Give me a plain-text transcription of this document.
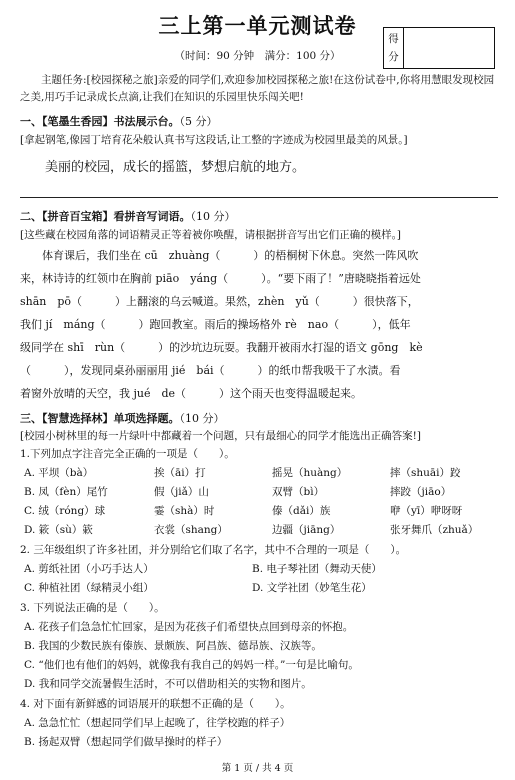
三上第一单元测试卷
（时间：90 分钟　满分：100 分）
得分
主题任务:[校园探秘之旅]亲爱的同学们,欢迎参加校园探秘之旅!在这份试卷中,你将用慧眼发现校园之美,用巧手记录成长点滴,让我们在知识的乐园里快乐闯关吧!
一、【笔墨生香园】书法展示台。（5 分）
[拿起钢笔,像园丁培育花朵般认真书写这段话,让工整的字迹成为校园里最美的风景。]
美丽的校园，成长的摇篮，梦想启航的地方。
二、【拼音百宝箱】看拼音写词语。（10 分）
[这些藏在校园角落的词语精灵正等着被你唤醒，请根据拼音写出它们正确的模样。]
　　体育课后，我们坐在 cū　zhuàng（　　　）的梧桐树下休息。突然一阵风吹
来，林诗诗的红领巾在胸前 piāo　yáng（　　　）。“要下雨了！”唐晓晓指着远处
shān　pō（　　　）上翻滚的乌云喊道。果然，zhèn　yǔ（　　　）很快落下，
我们 jí　máng（　　　）跑回教室。雨后的操场格外 rè　nao（　　　），低年
级同学在 shī　rùn（　　　）的沙坑边玩耍。我翻开被雨水打湿的语文 gōng　kè
（　　　），发现同桌孙丽丽用 jié　bái（　　　）的纸巾帮我吸干了水渍。看
着窗外放晴的天空，我 jué　de（　　　）这个雨天也变得温暖起来。
三、【智慧选择林】单项选择题。（10 分）
[校园小树林里的每一片绿叶中都藏着一个问题，只有最细心的同学才能选出正确答案!]
1.下列加点字注音完全正确的一项是（　　）。
A. 平坝（bà）	挨（āi）打	摇晃（huàng）	摔（shuāi）跤
B. 凤（fèn）尾竹	假（jiǎ）山	双臂（bì）	摔跤（jiāo）
C. 绒（róng）球	霎（shà）时	傣（dǎi）族	咿（yī）咿呀呀
D. 簌（sù）簌	衣裳（shang）	边疆（jiāng）	张牙舞爪（zhuǎ）
2. 三年级组织了许多社团，并分别给它们取了名字，其中不合理的一项是（　　）。
A. 剪纸社团（小巧手达人）	B. 电子琴社团（舞动天使）
C. 种植社团（绿精灵小组）	D. 文学社团（妙笔生花）
3. 下列说法正确的是（　　）。
A. 花孩子们急急忙忙回家，是因为花孩子们希望快点回到母亲的怀抱。
B. 我国的少数民族有傣族、景颇族、阿昌族、德昂族、汉族等。
C. “他们也有他们的妈妈，就像我有我自己的妈妈一样。”一句是比喻句。
D. 我和同学交流暑假生活时，不可以借助相关的实物和图片。
4. 对下面有新鲜感的词语展开的联想不正确的是（　　）。
A. 急急忙忙（想起同学们早上起晚了，往学校跑的样子）
B. 扬起双臂（想起同学们做早操时的样子）
第 1 页 / 共 4 页
